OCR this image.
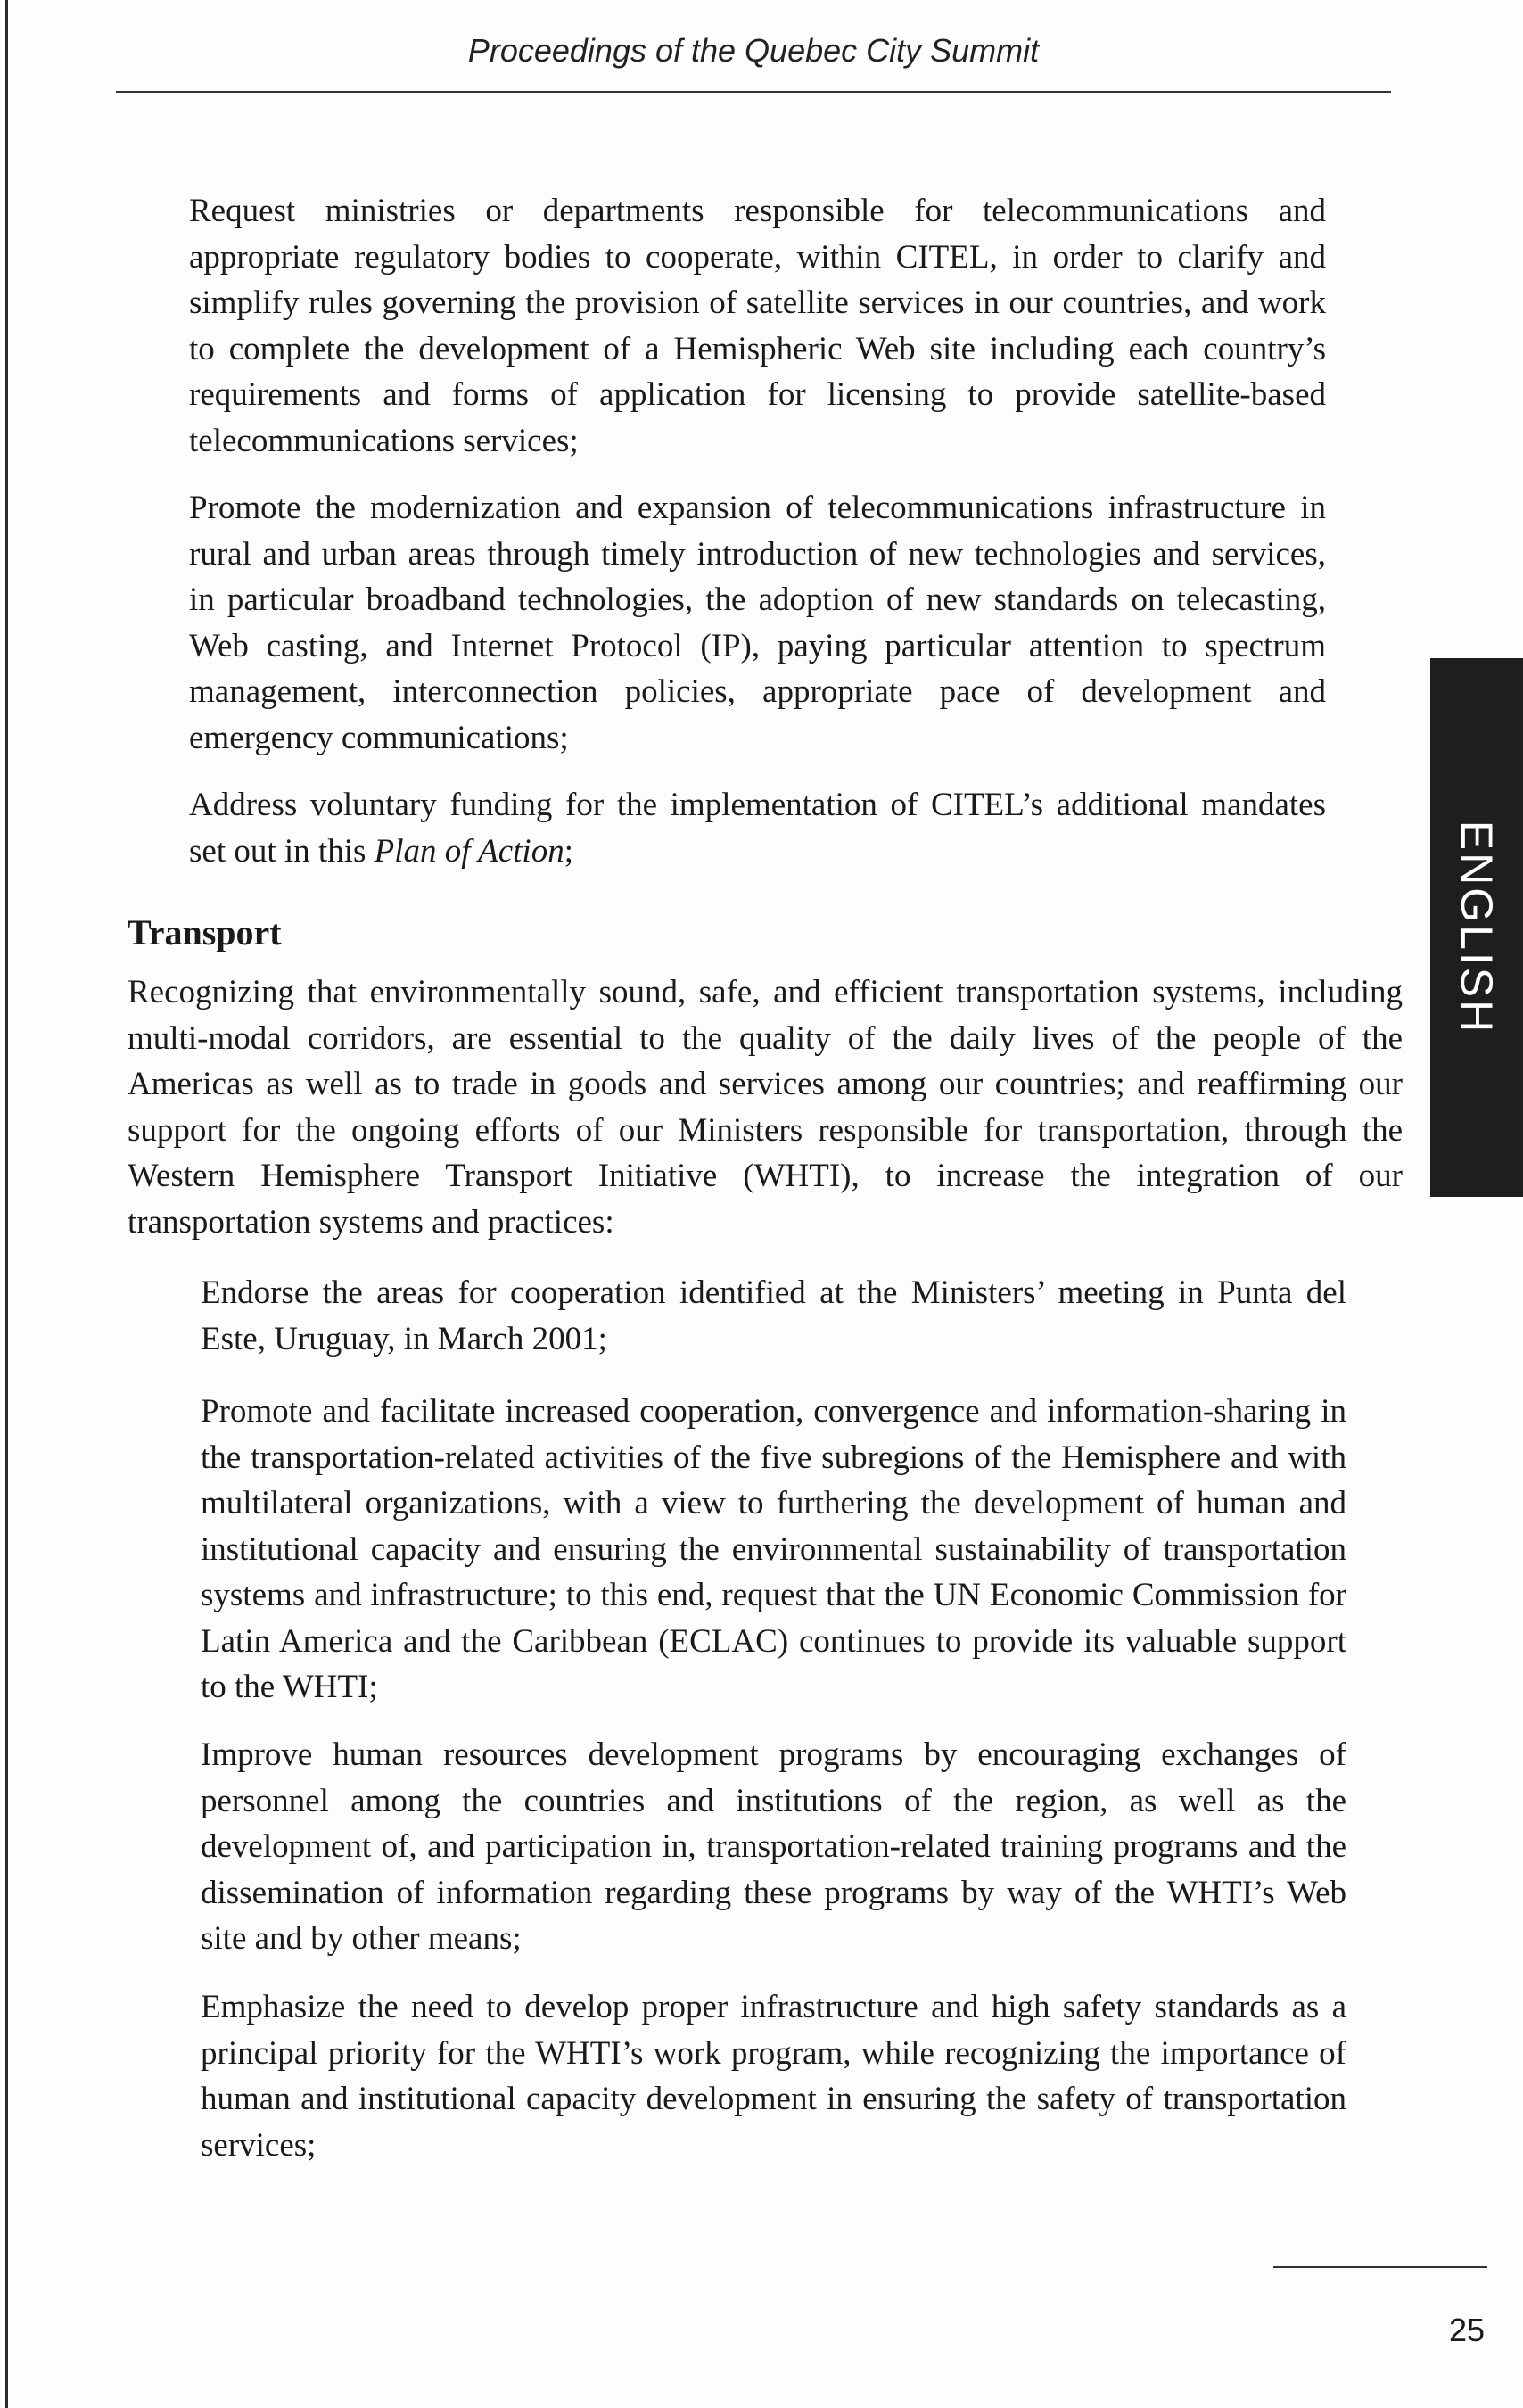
Proceedings of the Quebec City Summit

Request ministries or departments responsible for telecommunications and appropriate regulatory bodies to cooperate, within CITEL, in order to clarify and simplify rules governing the provision of satellite services in our countries, and work to complete the development of a Hemispheric Web site including each country’s requirements and forms of application for licensing to provide satellite-based telecommunications services;

Promote the modernization and expansion of telecommunications infrastructure in rural and urban areas through timely introduction of new technologies and services, in particular broadband technologies, the adoption of new standards on telecasting, Web casting, and Internet Protocol (IP), paying particular attention to spectrum management, interconnection policies, appropriate pace of development and emergency communications;

Address voluntary funding for the implementation of CITEL’s additional mandates set out in this Plan of Action;

Transport

Recognizing that environmentally sound, safe, and efficient transportation systems, including multi-modal corridors, are essential to the quality of the daily lives of the people of the Americas as well as to trade in goods and services among our countries; and reaffirming our support for the ongoing efforts of our Ministers responsible for transportation, through the Western Hemisphere Transport Initiative (WHTI), to increase the integration of our transportation systems and practices:

Endorse the areas for cooperation identified at the Ministers’ meeting in Punta del Este, Uruguay, in March 2001;

Promote and facilitate increased cooperation, convergence and information-sharing in the transportation-related activities of the five subregions of the Hemisphere and with multilateral organizations, with a view to furthering the development of human and institutional capacity and ensuring the environmental sustainability of transportation systems and infrastructure; to this end, request that the UN Economic Commission for Latin America and the Caribbean (ECLAC) continues to provide its valuable support to the WHTI;

Improve human resources development programs by encouraging exchanges of personnel among the countries and institutions of the region, as well as the development of, and participation in, transportation-related training programs and the dissemination of information regarding these programs by way of the WHTI’s Web site and by other means;

Emphasize the need to develop proper infrastructure and high safety standards as a principal priority for the WHTI’s work program, while recognizing the importance of human and institutional capacity development in ensuring the safety of transportation services;

ENGLISH
25
